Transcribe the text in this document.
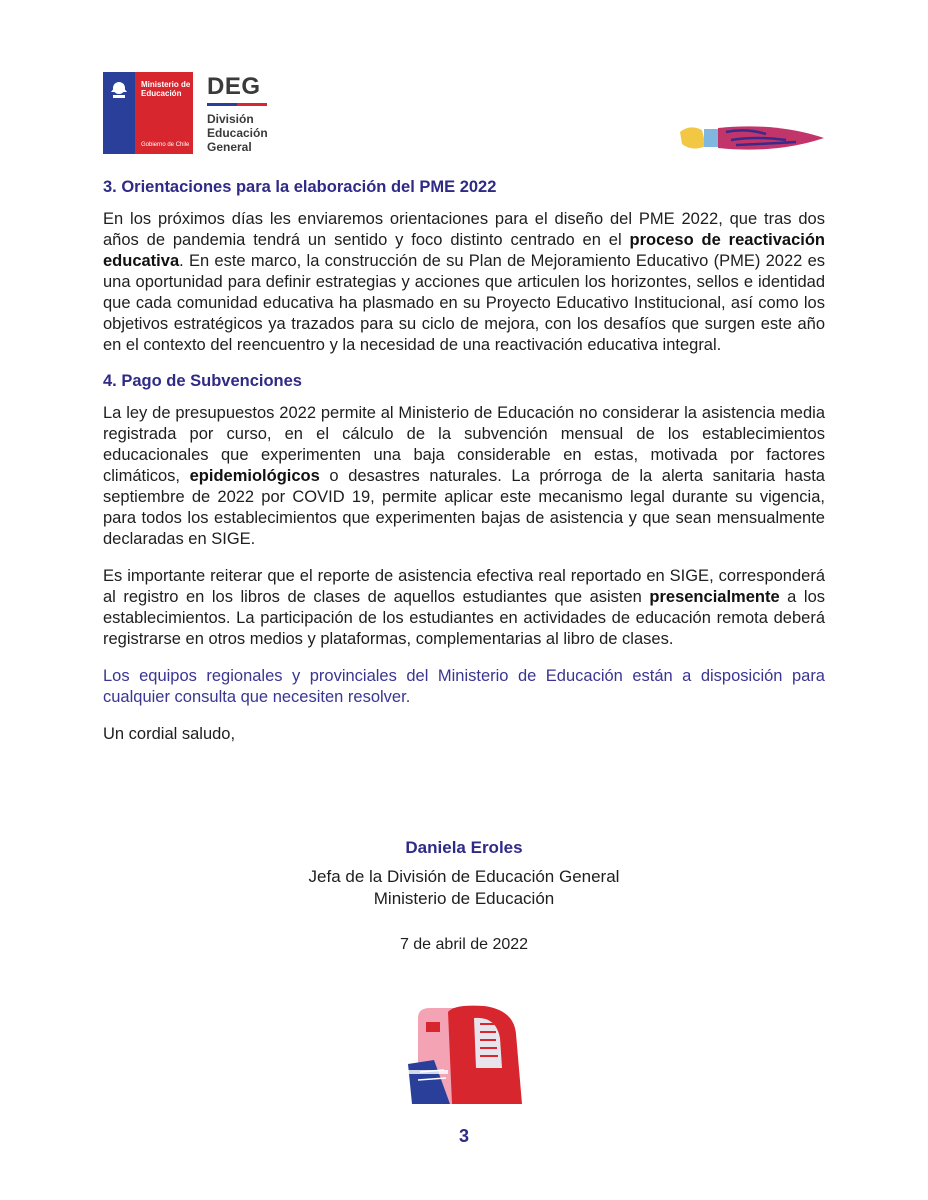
Ministerio de Educación
Gobierno de Chile
DEG
División
Educación
General
3. Orientaciones para la elaboración del PME 2022

En los próximos días les enviaremos orientaciones para el diseño del PME 2022, que tras dos años de pandemia tendrá un sentido y foco distinto centrado en el proceso de reactivación educativa. En este marco, la construcción de su Plan de Mejoramiento Educativo (PME) 2022 es una oportunidad para definir estrategias y acciones que articulen los horizontes, sellos e identidad que cada comunidad educativa ha plasmado en su Proyecto Educativo Institucional, así como los objetivos estratégicos ya trazados para su ciclo de mejora, con los desafíos que surgen este año en el contexto del reencuentro y la necesidad de una reactivación educativa integral.

4. Pago de Subvenciones

La ley de presupuestos 2022 permite al Ministerio de Educación no considerar la asistencia media registrada por curso, en el cálculo de la subvención mensual de los establecimientos educacionales que experimenten una baja considerable en estas, motivada por factores climáticos, epidemiológicos o desastres naturales. La prórroga de la alerta sanitaria hasta septiembre de 2022 por COVID 19, permite aplicar este mecanismo legal durante su vigencia, para todos los establecimientos que experimenten bajas de asistencia y que sean mensualmente declaradas en SIGE.

Es importante reiterar que el reporte de asistencia efectiva real reportado en SIGE, corresponderá al registro en los libros de clases de aquellos estudiantes que asisten presencialmente a los establecimientos. La participación de los estudiantes en actividades de educación remota deberá registrarse en otros medios y plataformas, complementarias al libro de clases.

Los equipos regionales y provinciales del Ministerio de Educación están a disposición para cualquier consulta que necesiten resolver.

Un cordial saludo,

Daniela Eroles
Jefa de la División de Educación General
Ministerio de Educación
7 de abril de 2022
3
